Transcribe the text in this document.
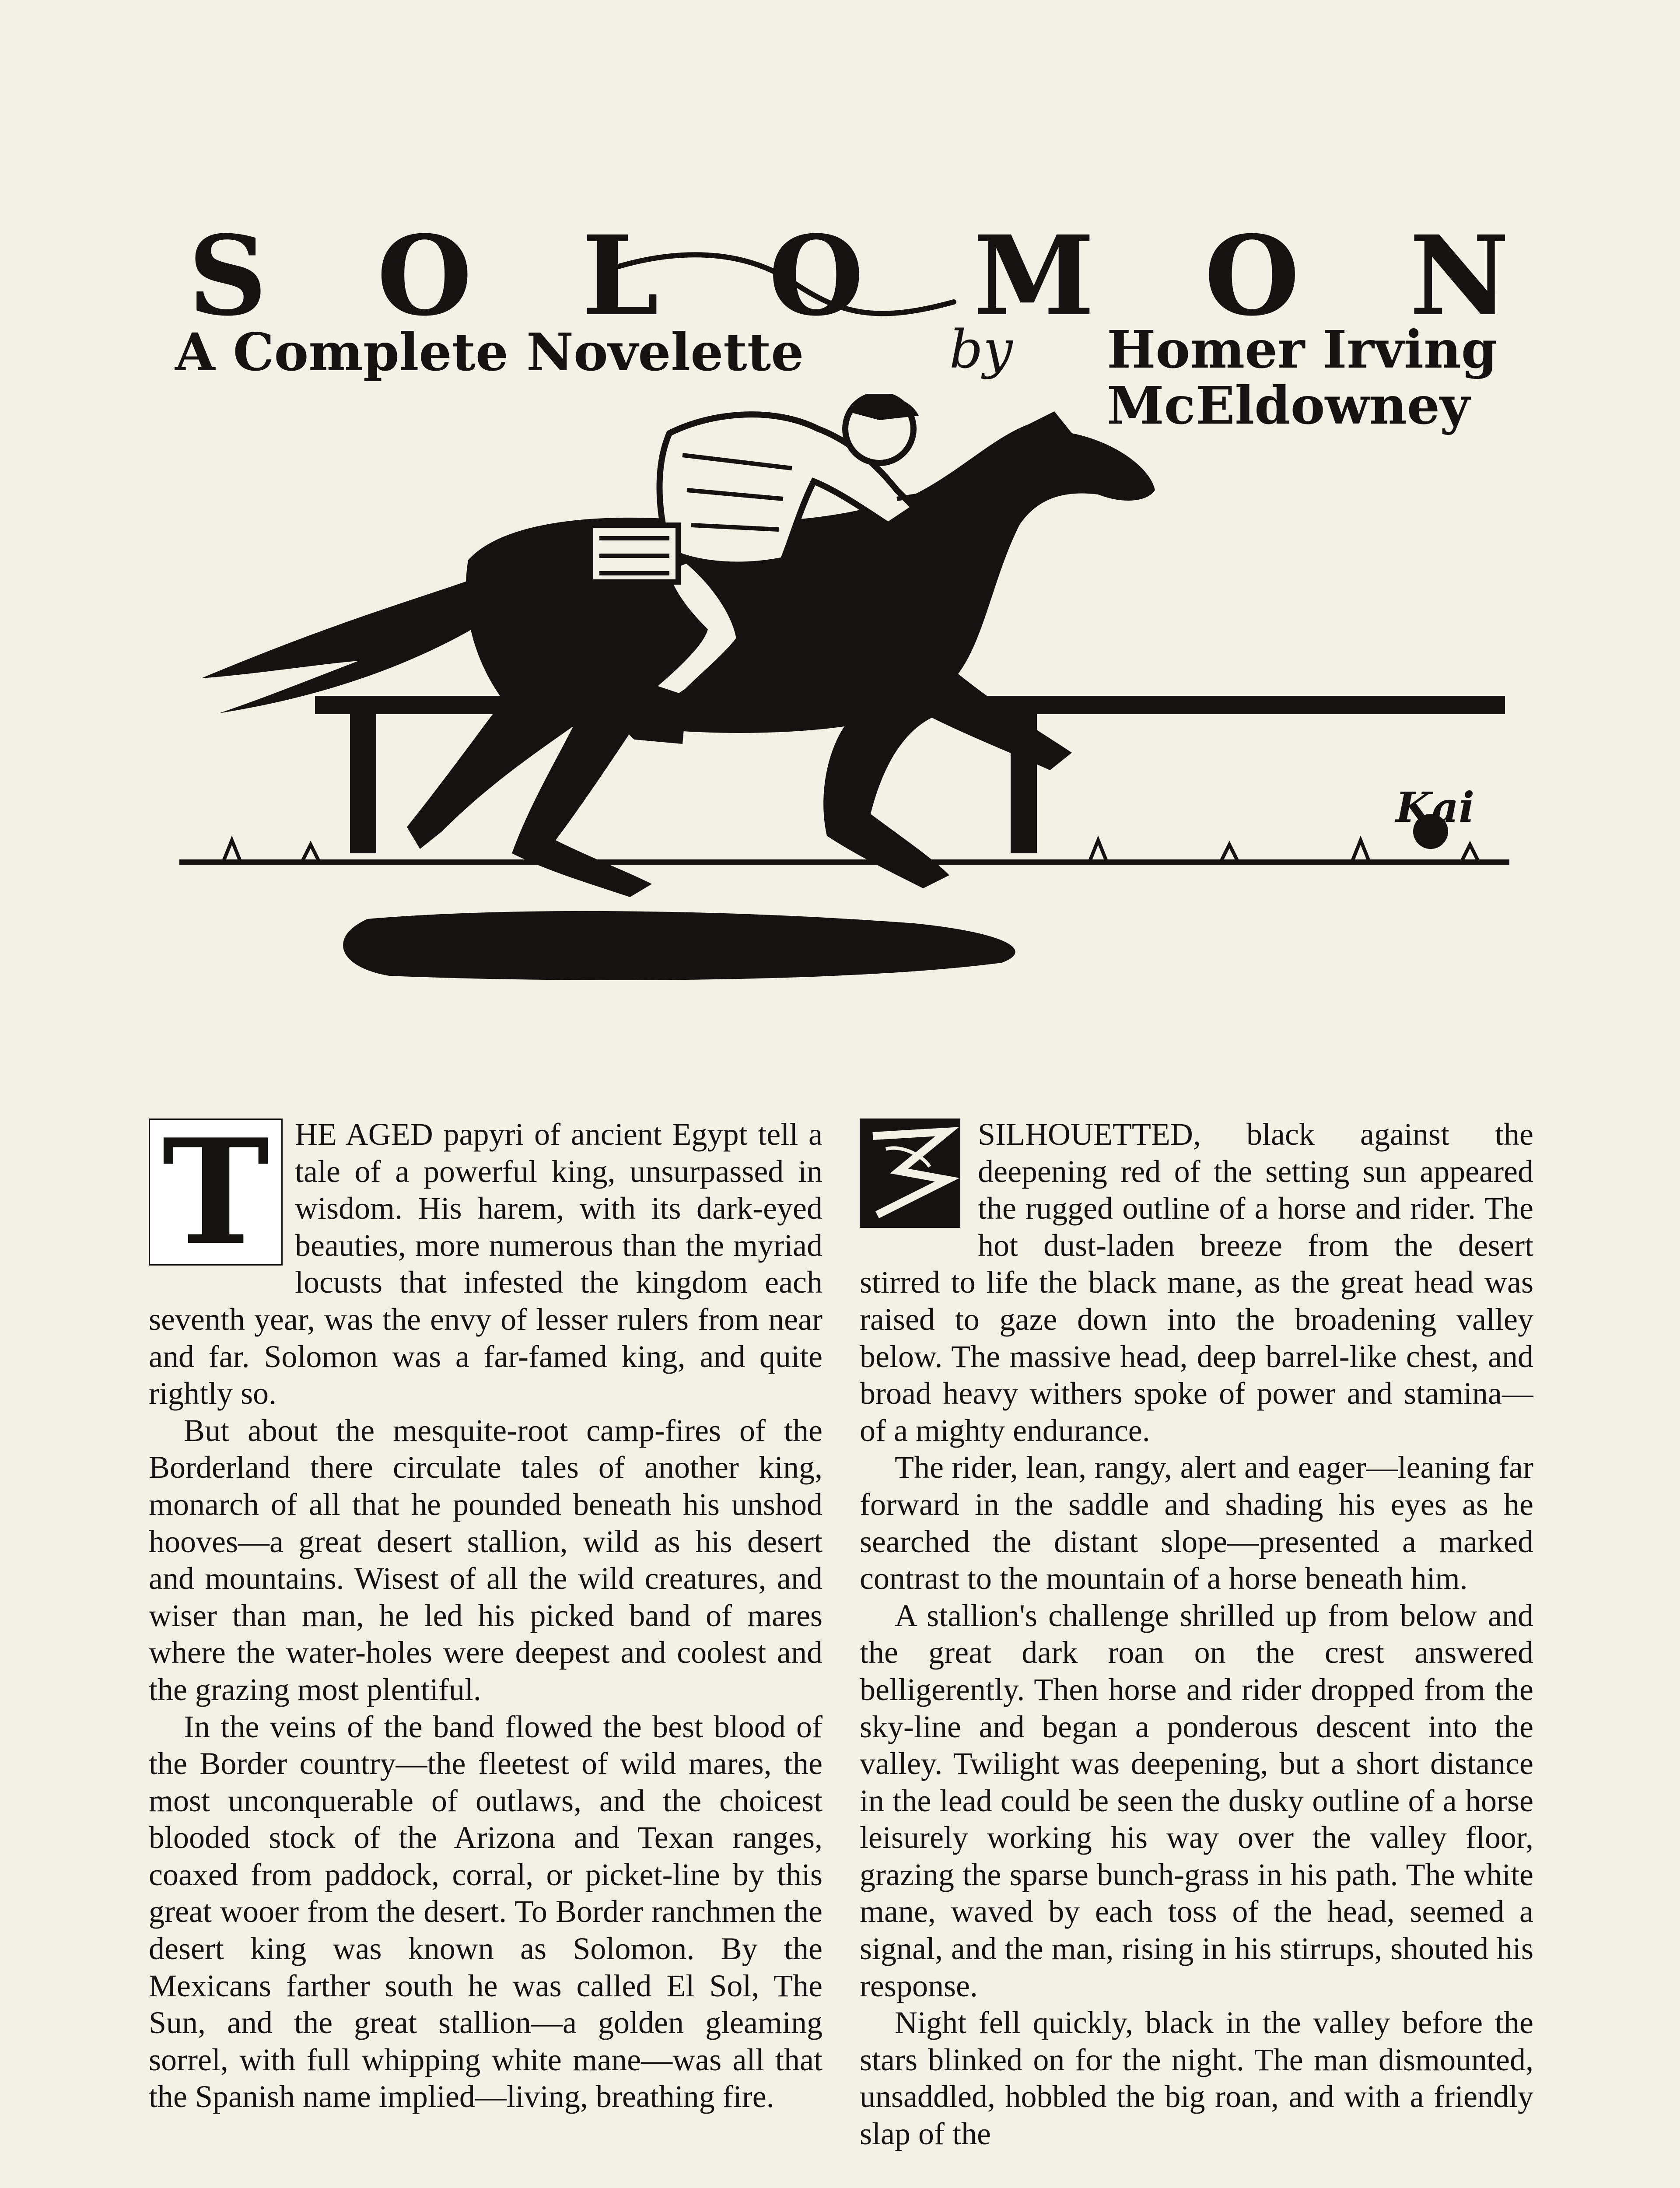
S O L O M O N
A Complete Novelette	by Homer Irving
McEldowney
Kai
T HE AGED papyri of ancient Egypt tell a tale of a powerful king, unsurpassed in wisdom. His harem, with its dark-eyed beauties, more numerous than the myriad locusts that infested the kingdom each seventh year, was the envy of lesser rulers from near and far. Solomon was a far-famed king, and quite rightly so.

But about the mesquite-root camp-fires of the Borderland there circulate tales of another king, monarch of all that he pounded beneath his unshod hooves—a great desert stallion, wild as his desert and mountains. Wisest of all the wild creatures, and wiser than man, he led his picked band of mares where the water-holes were deepest and coolest and the grazing most plentiful.

In the veins of the band flowed the best blood of the Border country—the fleetest of wild mares, the most unconquerable of outlaws, and the choicest blooded stock of the Arizona and Texan ranges, coaxed from paddock, corral, or picket-line by this great wooer from the desert. To Border ranchmen the desert king was known as Solomon. By the Mexicans farther south he was called El Sol, The Sun, and the great stallion—a golden gleaming sorrel, with full whipping white mane—was all that the Spanish name implied—living, breathing fire.

SILHOUETTED, black against the deepening red of the setting sun appeared the rugged outline of a horse and rider. The hot dust-laden breeze from the desert stirred to life the black mane, as the great head was raised to gaze down into the broadening valley below. The massive head, deep barrel-like chest, and broad heavy withers spoke of power and stamina—of a mighty endurance.

The rider, lean, rangy, alert and eager—leaning far forward in the saddle and shading his eyes as he searched the distant slope—presented a marked contrast to the mountain of a horse beneath him.

A stallion's challenge shrilled up from below and the great dark roan on the crest answered belligerently. Then horse and rider dropped from the sky-line and began a ponderous descent into the valley. Twilight was deepening, but a short distance in the lead could be seen the dusky outline of a horse leisurely working his way over the valley floor, grazing the sparse bunch-grass in his path. The white mane, waved by each toss of the head, seemed a signal, and the man, rising in his stirrups, shouted his response.

Night fell quickly, black in the valley before the stars blinked on for the night. The man dismounted, unsaddled, hobbled the big roan, and with a friendly slap of the
